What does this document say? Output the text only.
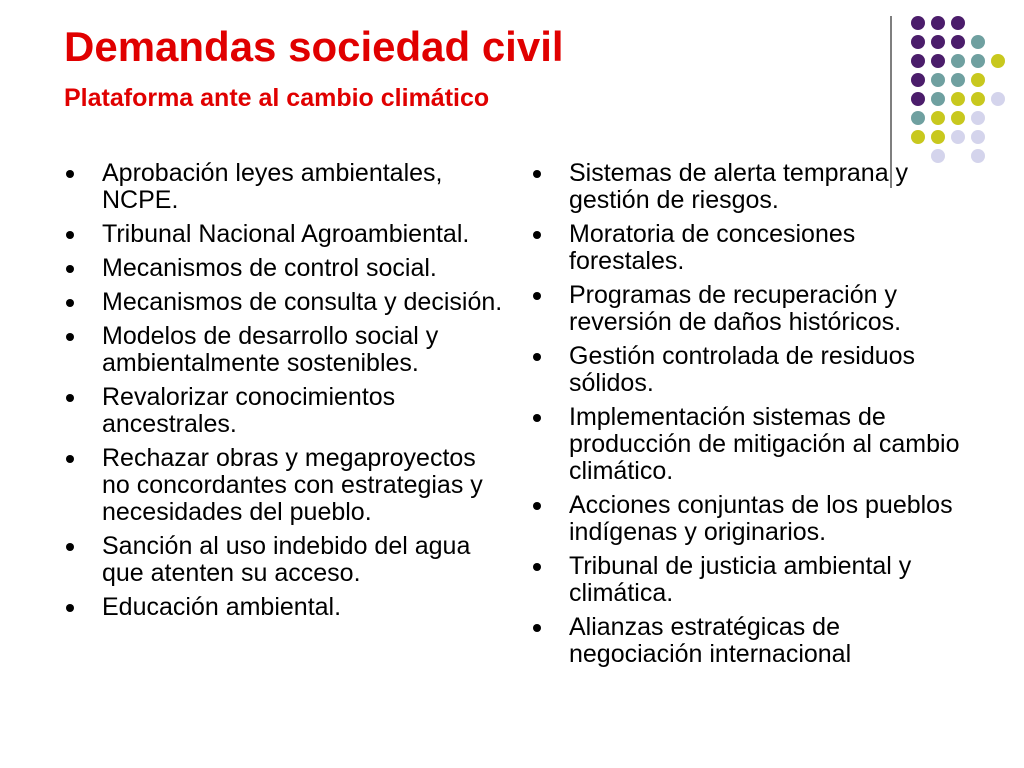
Demandas sociedad civil
Plataforma ante al cambio climático
Aprobación leyes ambientales, NCPE.
Tribunal Nacional Agroambiental.
Mecanismos de control social.
Mecanismos de consulta y decisión.
Modelos de desarrollo social y ambientalmente sostenibles.
Revalorizar conocimientos ancestrales.
Rechazar obras y megaproyectos no concordantes con estrategias y necesidades del pueblo.
Sanción al uso indebido del agua que atenten su acceso.
Educación ambiental.
Sistemas de alerta temprana y gestión de riesgos.
Moratoria de concesiones forestales.
Programas de recuperación y reversión de daños históricos.
Gestión controlada de residuos sólidos.
Implementación sistemas de producción de mitigación al cambio climático.
Acciones conjuntas de los pueblos indígenas y originarios.
Tribunal de justicia ambiental y climática.
Alianzas estratégicas de negociación internacional
